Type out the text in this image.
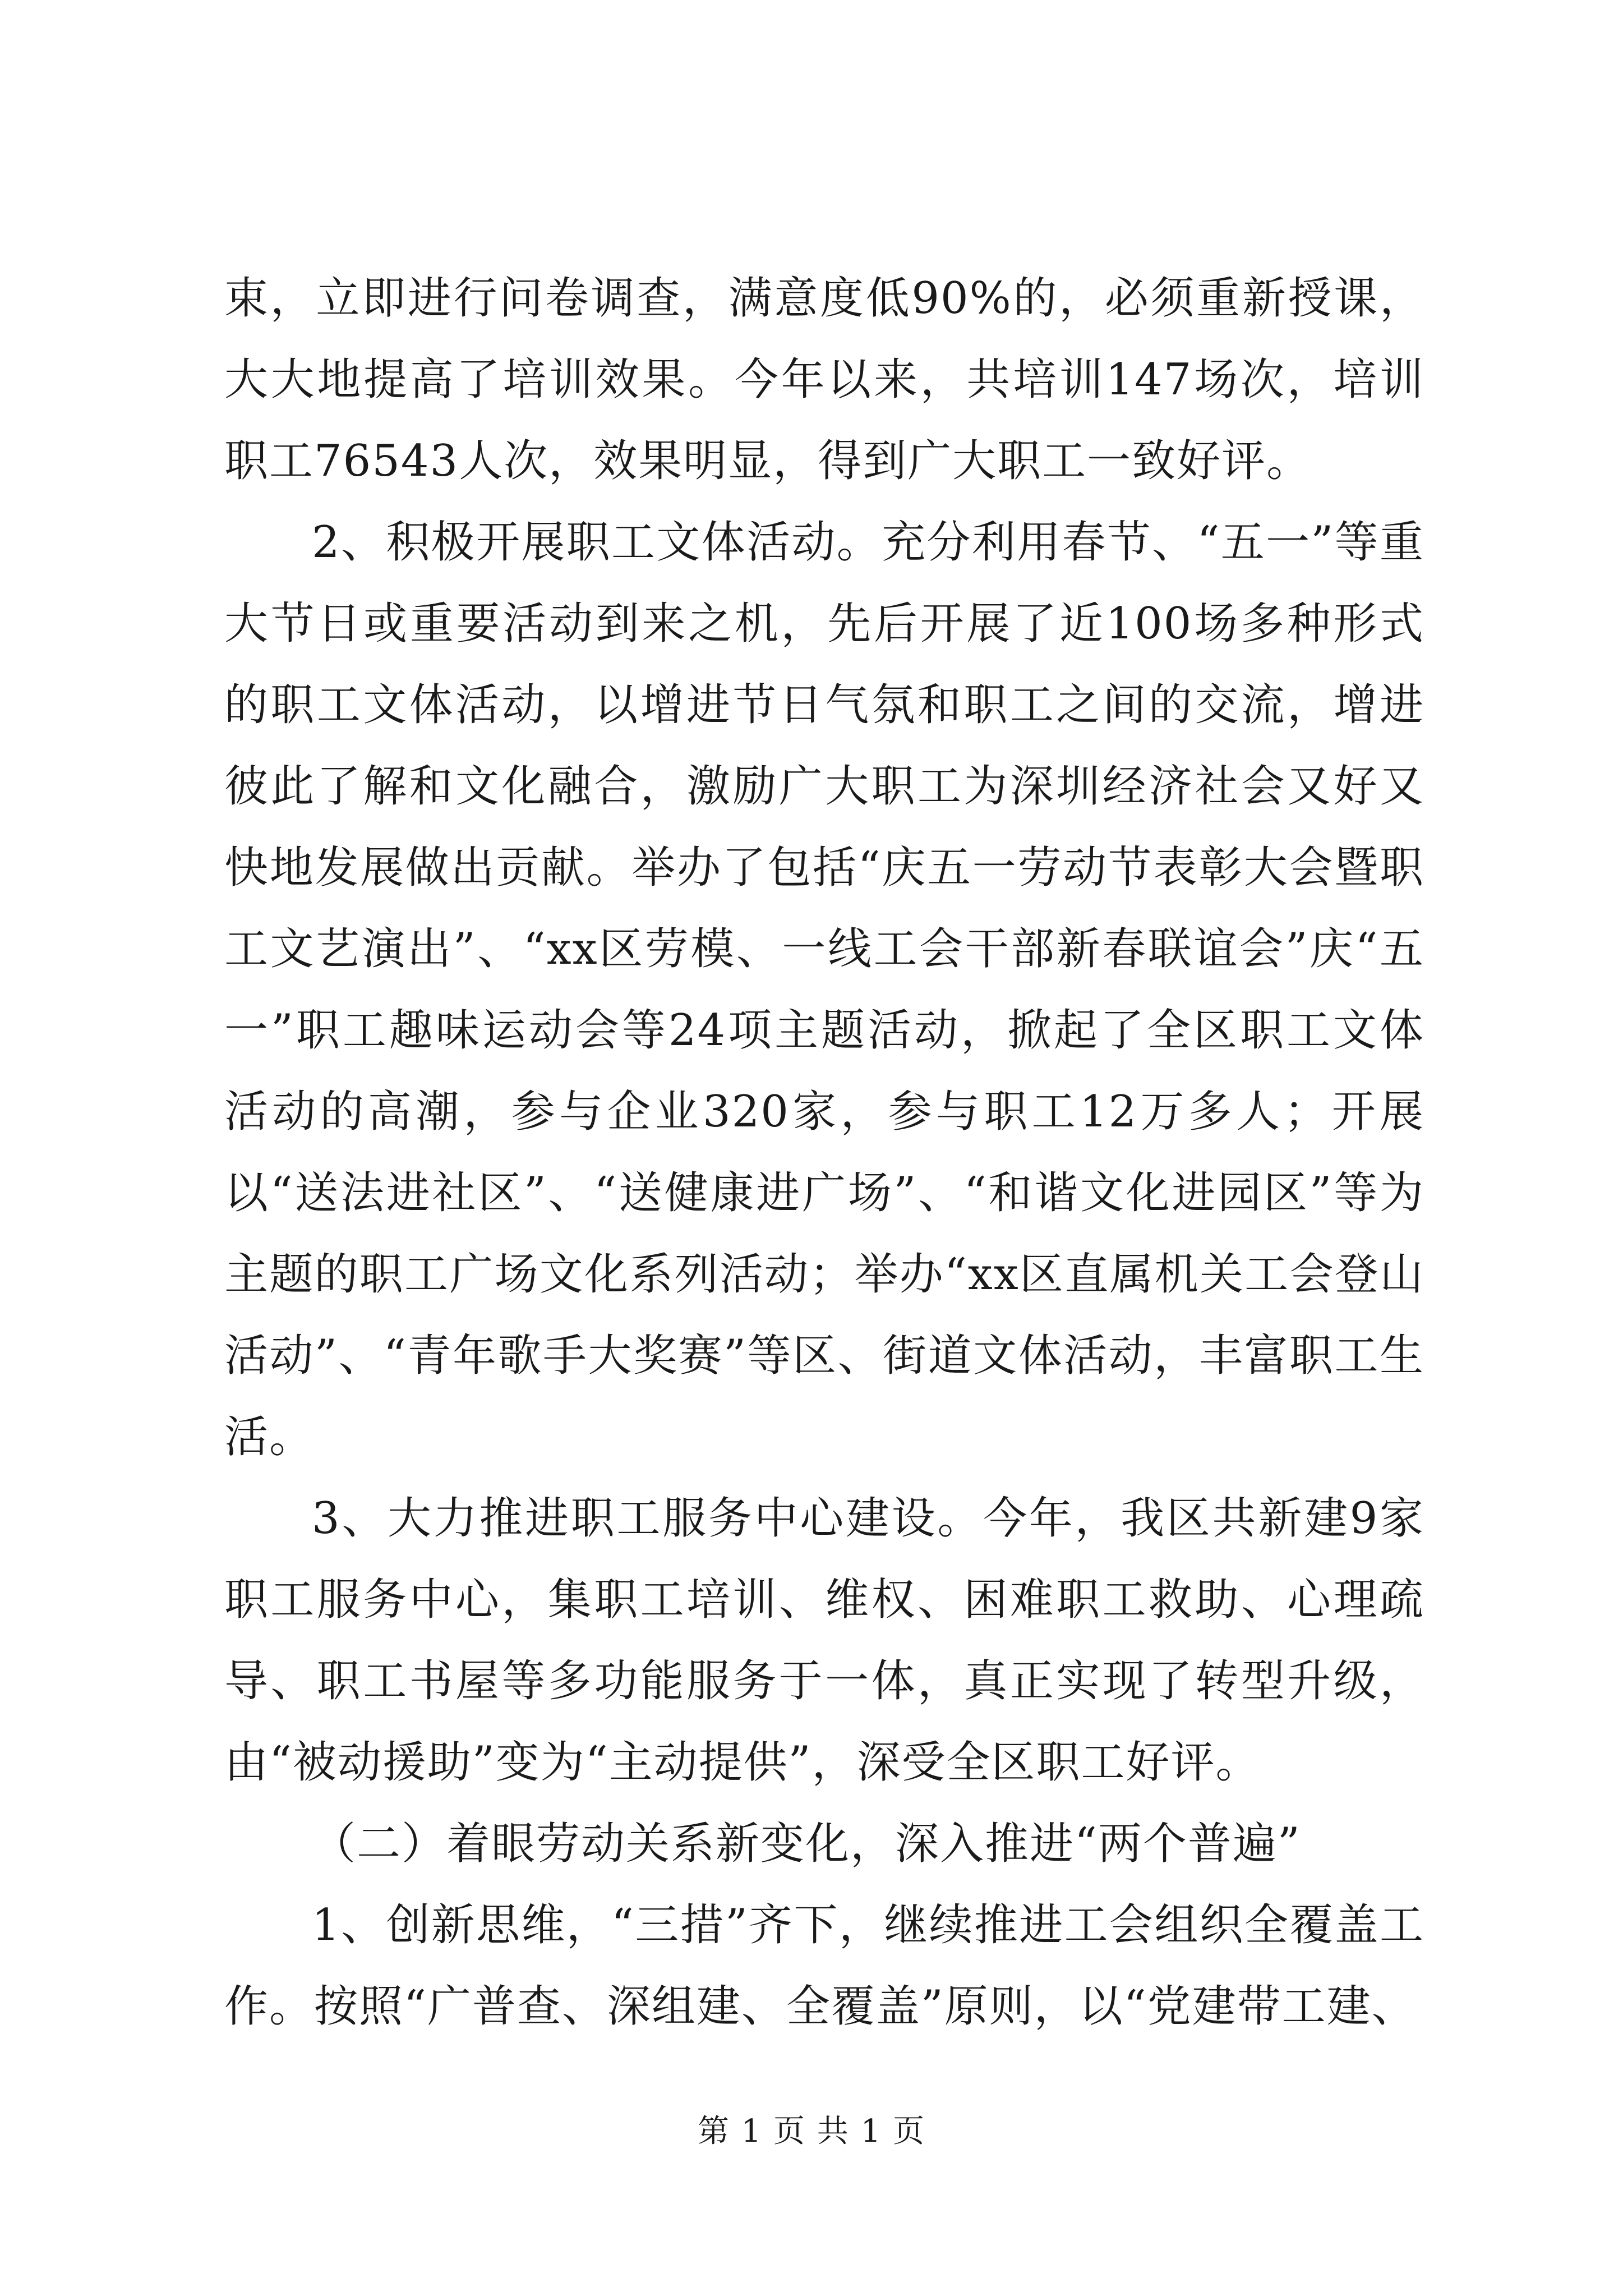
束，立即进行问卷调查，满意度低90%的，必须重新授课，大大地提高了培训效果。今年以来，共培训147场次，培训职工76543人次，效果明显，得到广大职工一致好评。

2、积极开展职工文体活动。充分利用春节、“五一”等重大节日或重要活动到来之机，先后开展了近100场多种形式的职工文体活动，以增进节日气氛和职工之间的交流，增进彼此了解和文化融合，激励广大职工为深圳经济社会又好又快地发展做出贡献。举办了包括“庆五一劳动节表彰大会暨职工文艺演出”、“xx区劳模、一线工会干部新春联谊会”庆“五一”职工趣味运动会等24项主题活动，掀起了全区职工文体活动的高潮，参与企业320家，参与职工12万多人；开展以“送法进社区”、“送健康进广场”、“和谐文化进园区”等为主题的职工广场文化系列活动；举办“xx区直属机关工会登山活动”、“青年歌手大奖赛”等区、街道文体活动，丰富职工生活。

3、大力推进职工服务中心建设。今年，我区共新建9家职工服务中心，集职工培训、维权、困难职工救助、心理疏导、职工书屋等多功能服务于一体，真正实现了转型升级，由“被动援助”变为“主动提供”，深受全区职工好评。

（二）着眼劳动关系新变化，深入推进“两个普遍”

1、创新思维，“三措”齐下，继续推进工会组织全覆盖工作。按照“广普查、深组建、全覆盖”原则，以“党建带工建、

第 1 页 共 1 页
